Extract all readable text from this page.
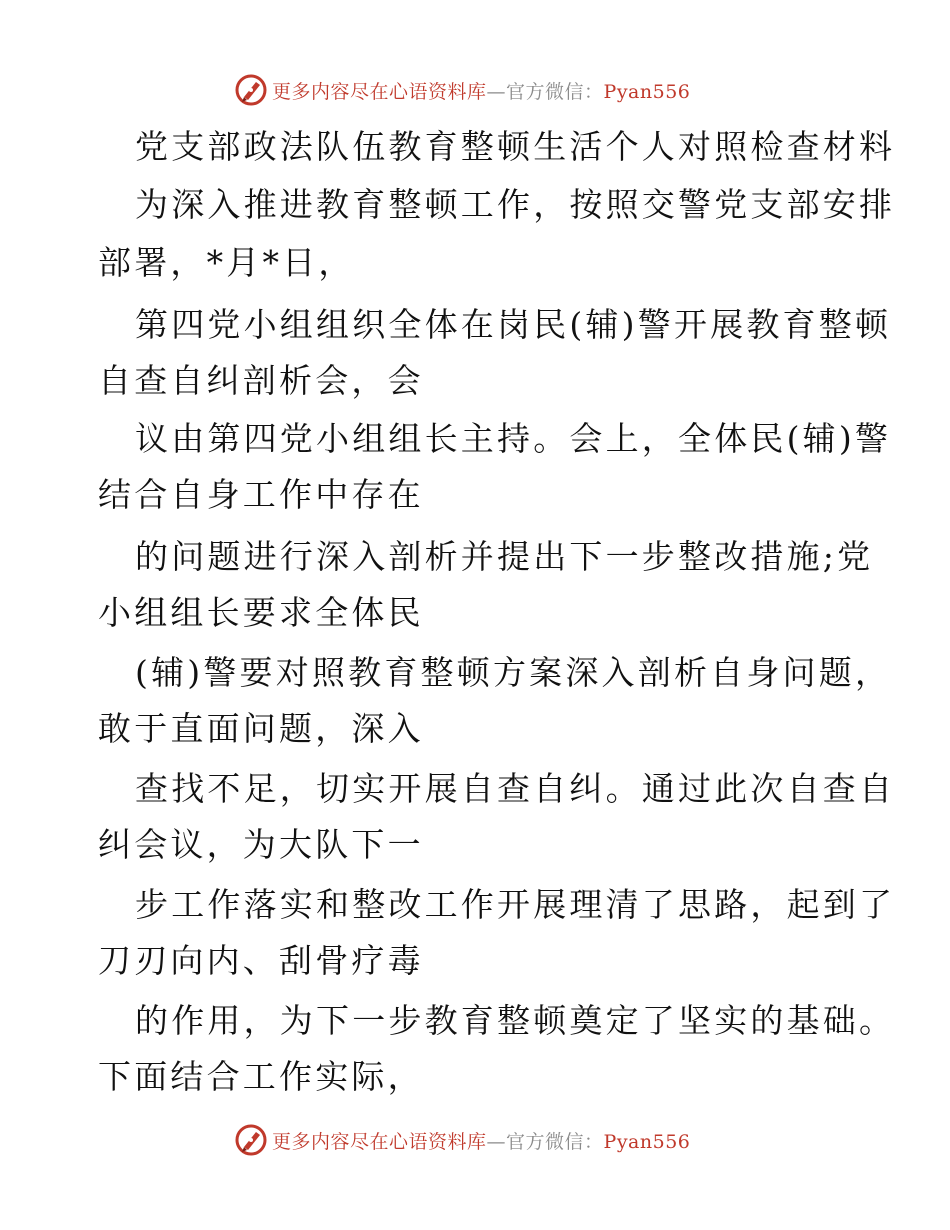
更多内容尽在心语资料库—官方微信：Pyan556
党支部政法队伍教育整顿生活个人对照检查材料
为深入推进教育整顿工作，按照交警党支部安排
部署，*月*日，
第四党小组组织全体在岗民(辅)警开展教育整顿
自查自纠剖析会，会
议由第四党小组组长主持。会上，全体民(辅)警
结合自身工作中存在
的问题进行深入剖析并提出下一步整改措施;党
小组组长要求全体民
(辅)警要对照教育整顿方案深入剖析自身问题，
敢于直面问题，深入
查找不足，切实开展自查自纠。通过此次自查自
纠会议，为大队下一
步工作落实和整改工作开展理清了思路，起到了
刀刃向内、刮骨疗毒
的作用，为下一步教育整顿奠定了坚实的基础。
下面结合工作实际，
更多内容尽在心语资料库—官方微信：Pyan556
